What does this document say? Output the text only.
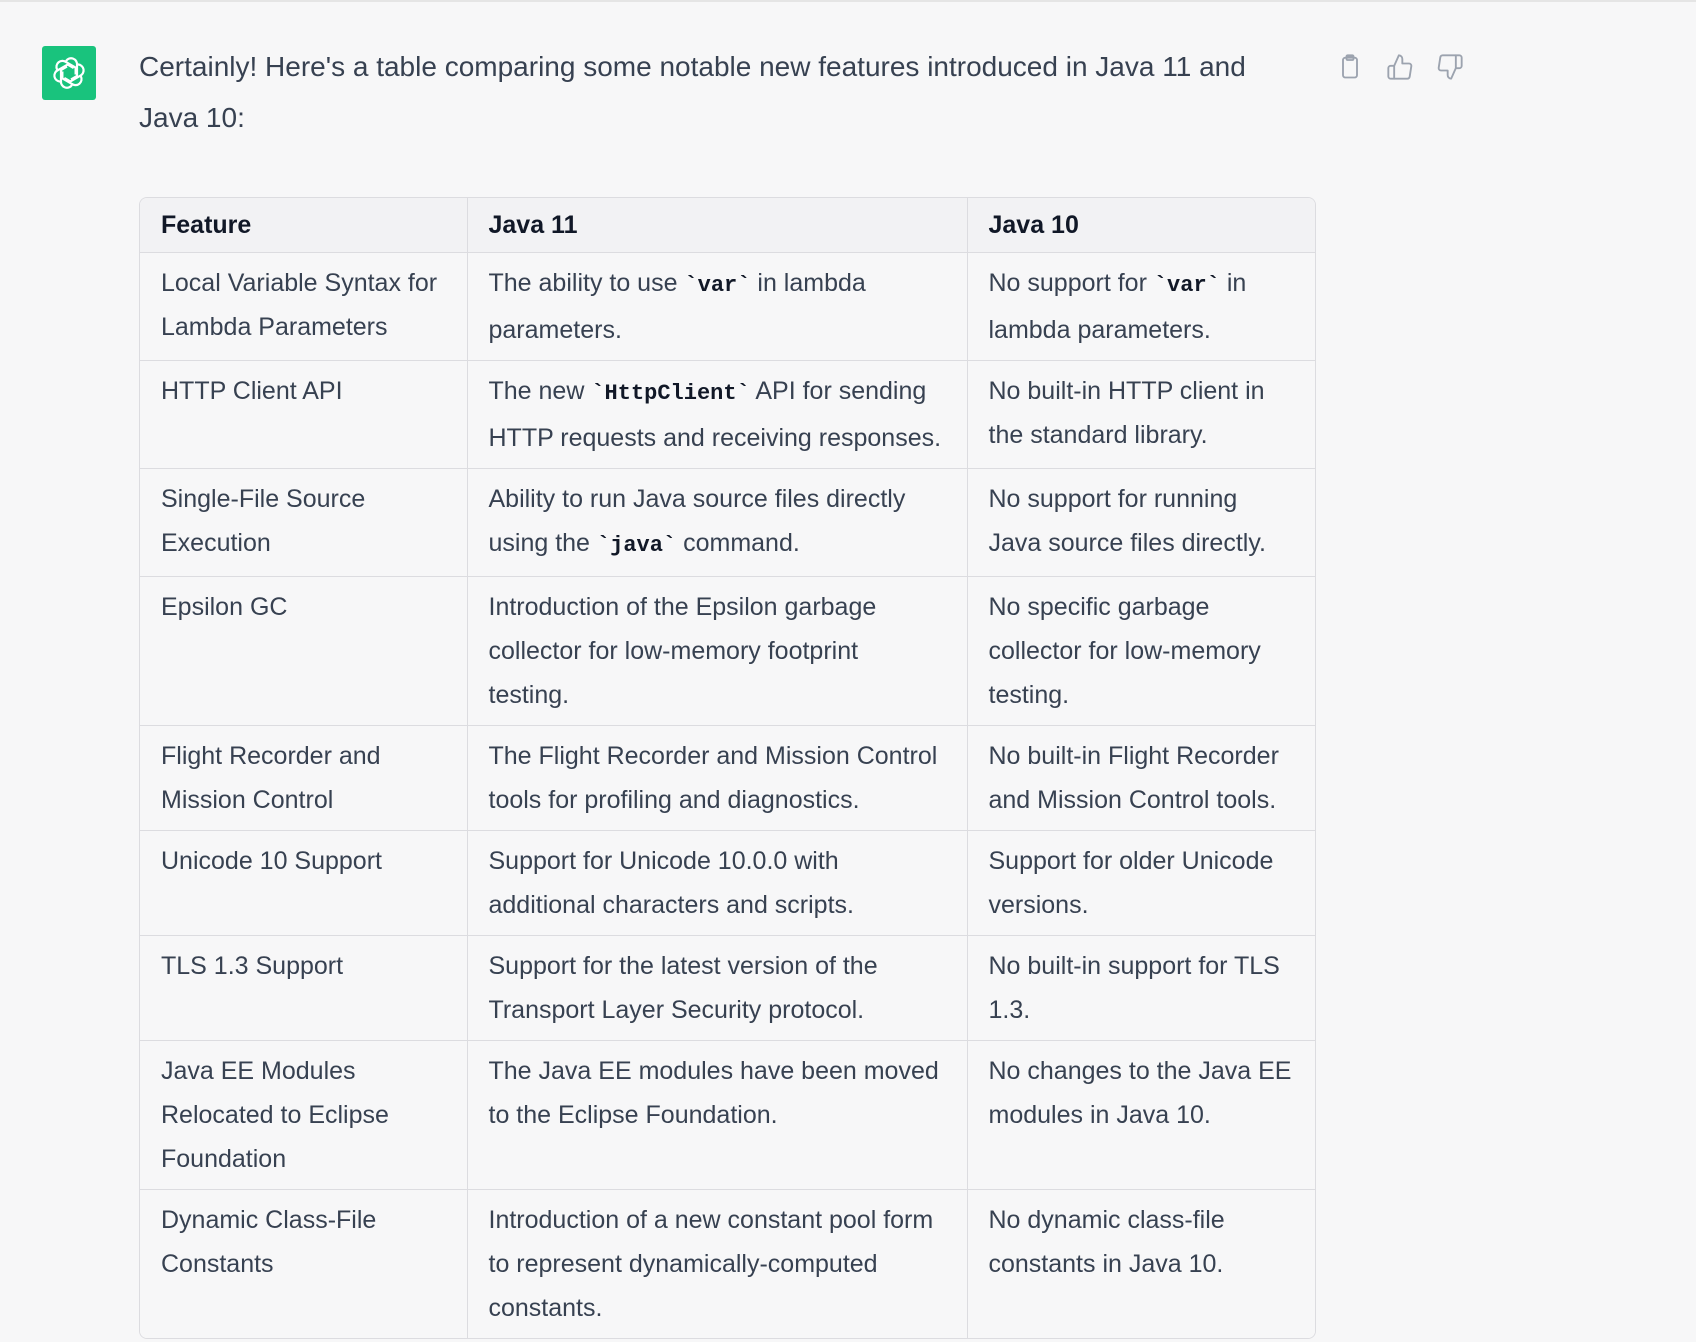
Certainly! Here's a table comparing some notable new features introduced in Java 11 and Java 10:

Feature	Java 11	Java 10
Local Variable Syntax for Lambda Parameters	The ability to use `var` in lambda parameters.	No support for `var` in lambda parameters.
HTTP Client API	The new `HttpClient` API for sending HTTP requests and receiving responses.	No built-in HTTP client in the standard library.
Single-File Source Execution	Ability to run Java source files directly using the `java` command.	No support for running Java source files directly.
Epsilon GC	Introduction of the Epsilon garbage collector for low-memory footprint testing.	No specific garbage collector for low-memory testing.
Flight Recorder and Mission Control	The Flight Recorder and Mission Control tools for profiling and diagnostics.	No built-in Flight Recorder and Mission Control tools.
Unicode 10 Support	Support for Unicode 10.0.0 with additional characters and scripts.	Support for older Unicode versions.
TLS 1.3 Support	Support for the latest version of the Transport Layer Security protocol.	No built-in support for TLS 1.3.
Java EE Modules Relocated to Eclipse Foundation	The Java EE modules have been moved to the Eclipse Foundation.	No changes to the Java EE modules in Java 10.
Dynamic Class-File Constants	Introduction of a new constant pool form to represent dynamically-computed constants.	No dynamic class-file constants in Java 10.
